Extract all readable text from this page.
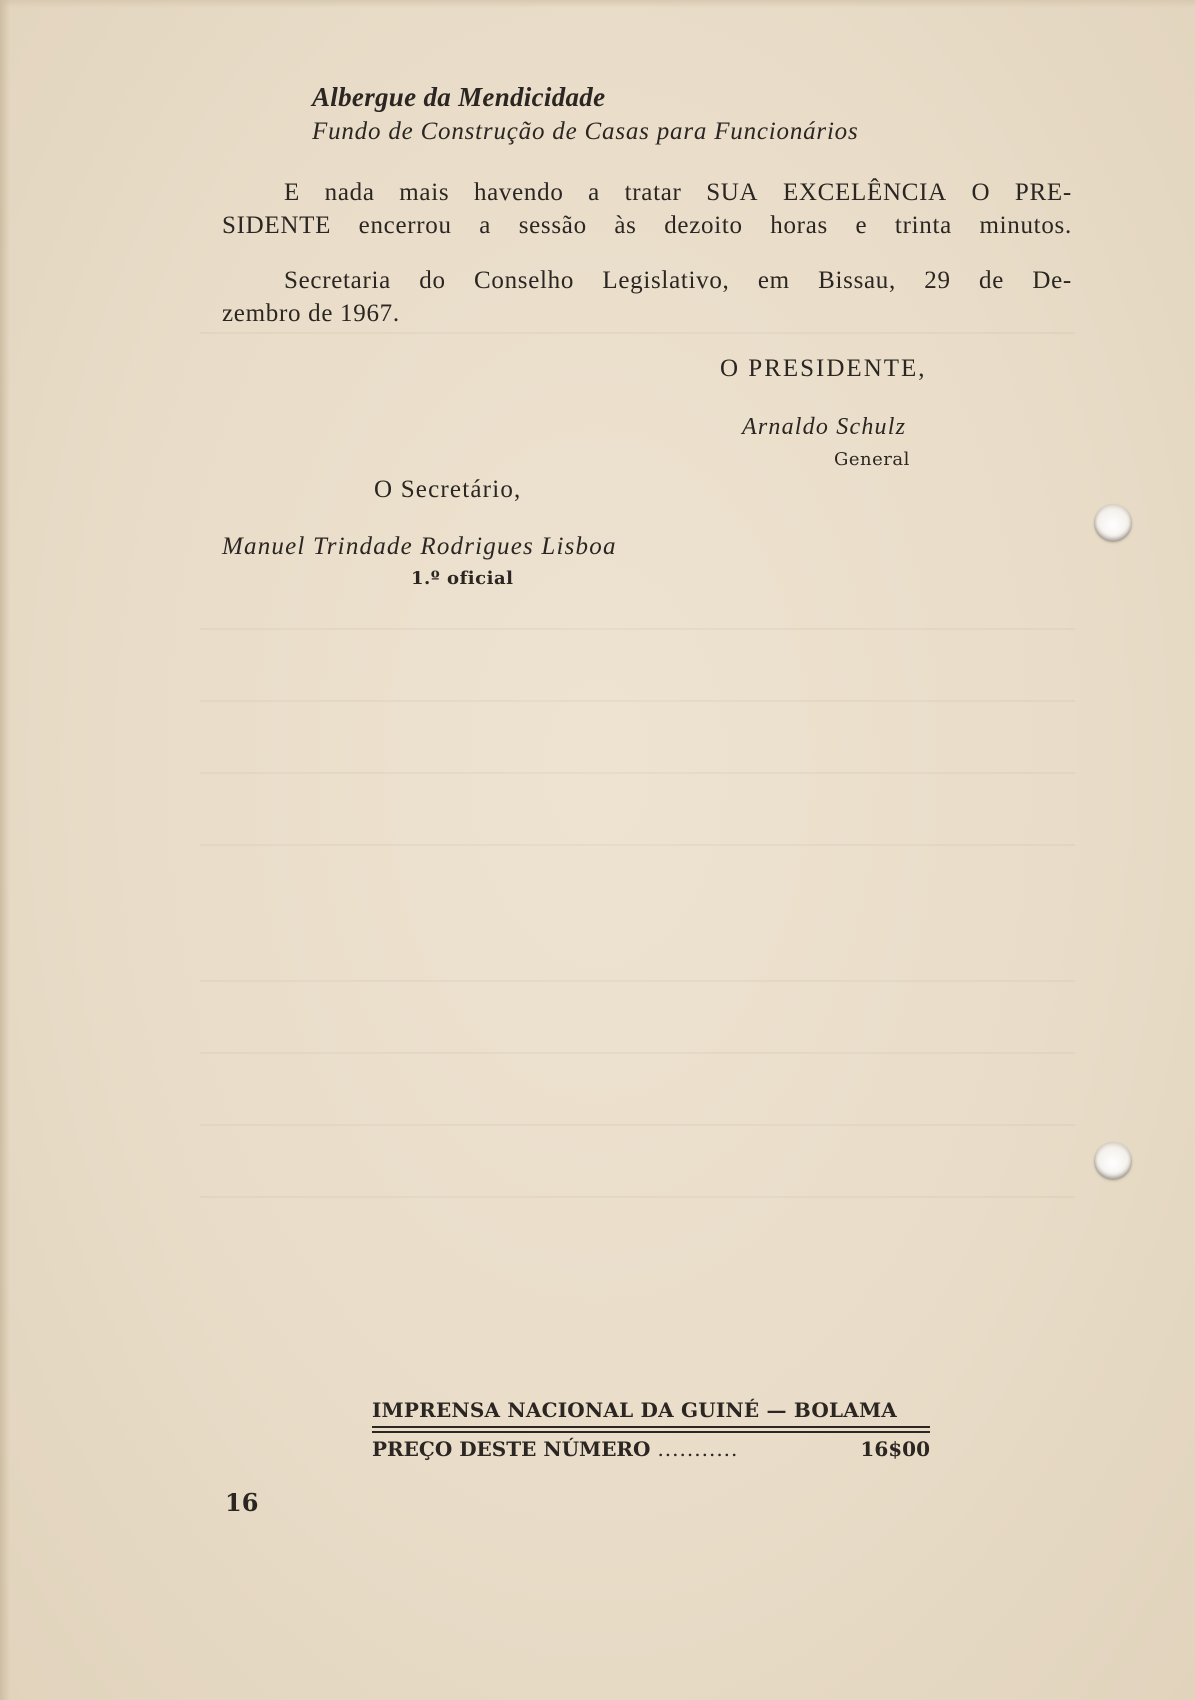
Albergue da Mendicidade
Fundo de Construção de Casas para Funcionários
E nada mais havendo a tratar SUA EXCELÊNCIA O PRE-
SIDENTE encerrou a sessão às dezoito horas e trinta minutos.
Secretaria do Conselho Legislativo, em Bissau, 29 de De-
zembro de 1967.
O PRESIDENTE,
Arnaldo Schulz
General
O Secretário,
Manuel Trindade Rodrigues Lisboa
1.º oficial
IMPRENSA NACIONAL DA GUINÉ — BOLAMA
PREÇO DESTE NÚMERO ...........	16$00
16
